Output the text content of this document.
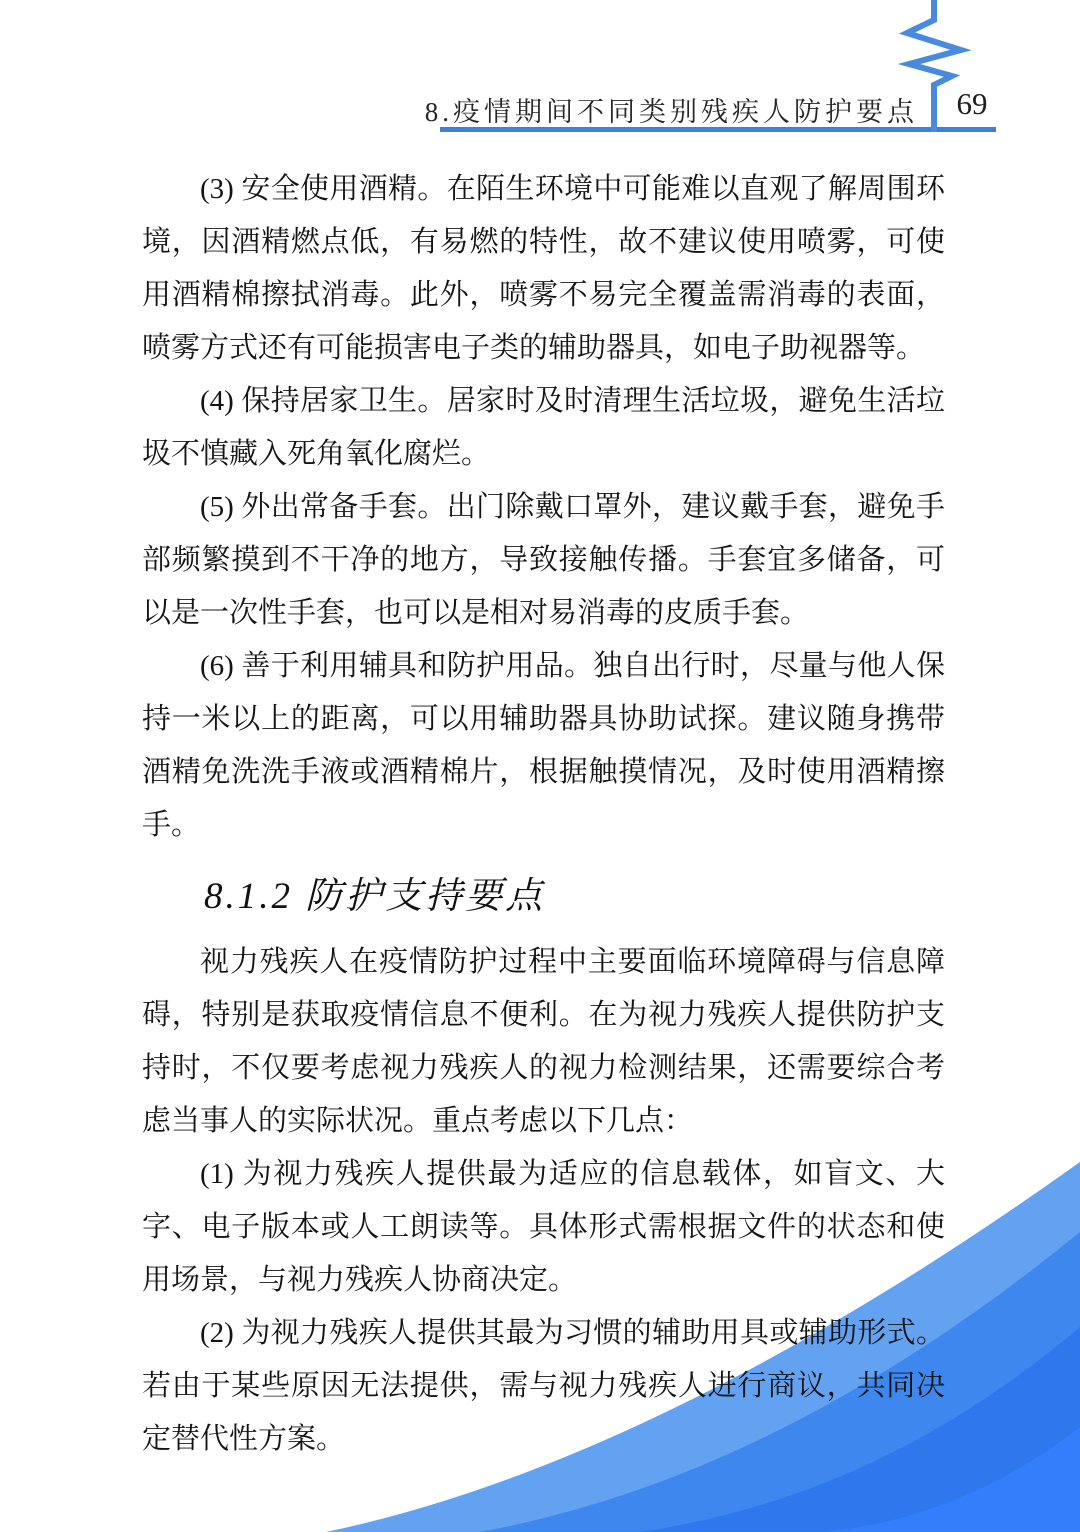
8.疫情期间不同类别残疾人防护要点	69

(3) 安全使用酒精。在陌生环境中可能难以直观了解周围环境，因酒精燃点低，有易燃的特性，故不建议使用喷雾，可使用酒精棉擦拭消毒。此外，喷雾不易完全覆盖需消毒的表面，喷雾方式还有可能损害电子类的辅助器具，如电子助视器等。

(4) 保持居家卫生。居家时及时清理生活垃圾，避免生活垃圾不慎藏入死角氧化腐烂。

(5) 外出常备手套。出门除戴口罩外，建议戴手套，避免手部频繁摸到不干净的地方，导致接触传播。手套宜多储备，可以是一次性手套，也可以是相对易消毒的皮质手套。

(6) 善于利用辅具和防护用品。独自出行时，尽量与他人保持一米以上的距离，可以用辅助器具协助试探。建议随身携带酒精免洗洗手液或酒精棉片，根据触摸情况，及时使用酒精擦手。

8.1.2 防护支持要点

视力残疾人在疫情防护过程中主要面临环境障碍与信息障碍，特别是获取疫情信息不便利。在为视力残疾人提供防护支持时，不仅要考虑视力残疾人的视力检测结果，还需要综合考虑当事人的实际状况。重点考虑以下几点：

(1) 为视力残疾人提供最为适应的信息载体，如盲文、大字、电子版本或人工朗读等。具体形式需根据文件的状态和使用场景，与视力残疾人协商决定。

(2) 为视力残疾人提供其最为习惯的辅助用具或辅助形式。若由于某些原因无法提供，需与视力残疾人进行商议，共同决定替代性方案。
